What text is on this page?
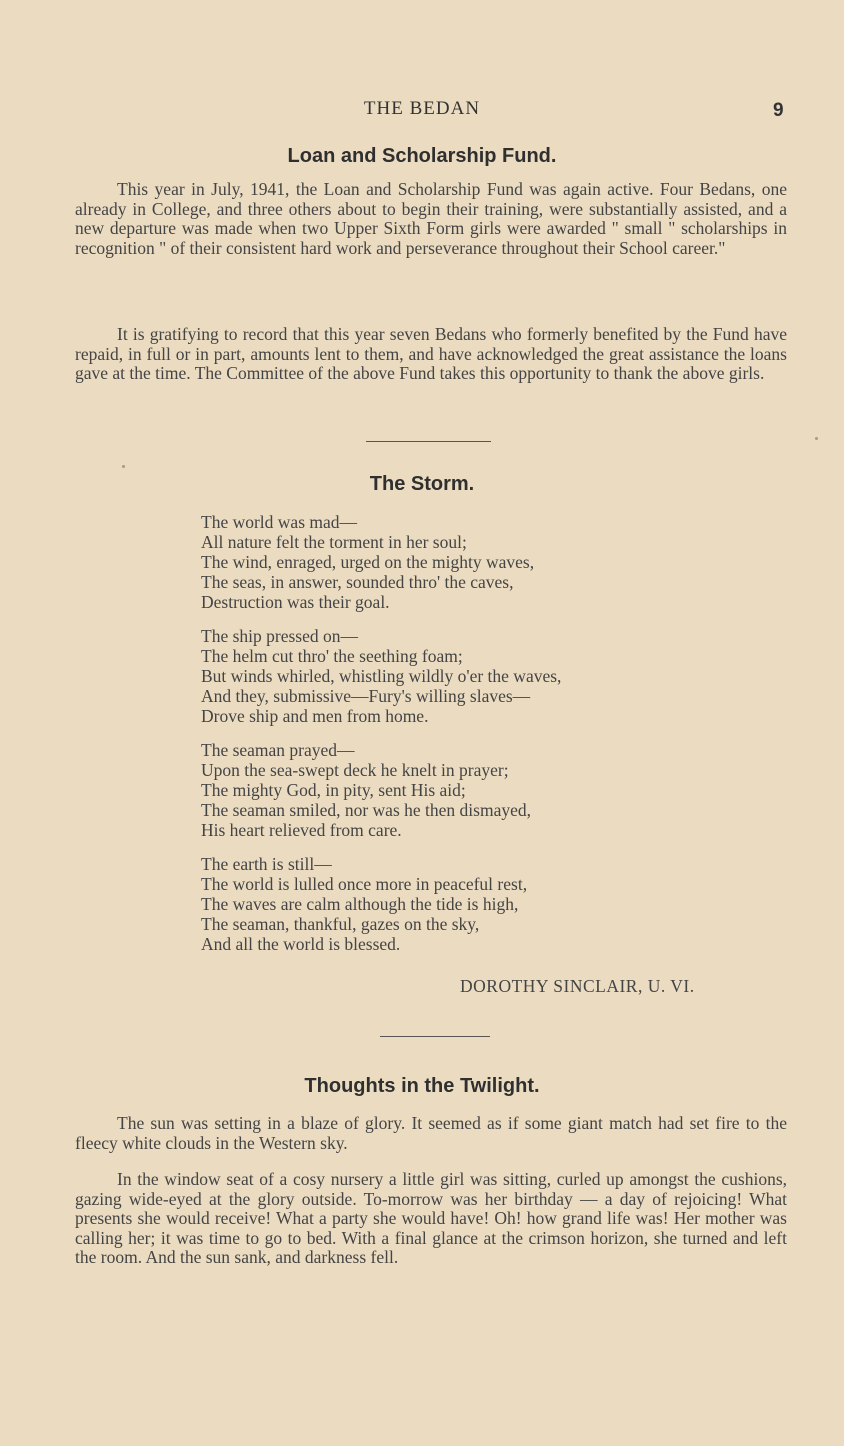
THE BEDAN	9
Loan and Scholarship Fund.
This year in July, 1941, the Loan and Scholarship Fund was again active. Four Bedans, one already in College, and three others about to begin their training, were substantially assisted, and a new departure was made when two Upper Sixth Form girls were awarded " small " scholarships in recognition " of their consistent hard work and perseverance throughout their School career."
It is gratifying to record that this year seven Bedans who formerly benefited by the Fund have repaid, in full or in part, amounts lent to them, and have acknowledged the great assistance the loans gave at the time. The Committee of the above Fund takes this opportunity to thank the above girls.
The Storm.
The world was mad—
All nature felt the torment in her soul;
The wind, enraged, urged on the mighty waves,
The seas, in answer, sounded thro' the caves,
Destruction was their goal.
The ship pressed on—
The helm cut thro' the seething foam;
But winds whirled, whistling wildly o'er the waves,
And they, submissive—Fury's willing slaves—
Drove ship and men from home.
The seaman prayed—
Upon the sea-swept deck he knelt in prayer;
The mighty God, in pity, sent His aid;
The seaman smiled, nor was he then dismayed,
His heart relieved from care.
The earth is still—
The world is lulled once more in peaceful rest,
The waves are calm although the tide is high,
The seaman, thankful, gazes on the sky,
And all the world is blessed.
DOROTHY SINCLAIR, U. VI.
Thoughts in the Twilight.
The sun was setting in a blaze of glory. It seemed as if some giant match had set fire to the fleecy white clouds in the Western sky.
In the window seat of a cosy nursery a little girl was sitting, curled up amongst the cushions, gazing wide-eyed at the glory outside. To-morrow was her birthday — a day of rejoicing! What presents she would receive! What a party she would have! Oh! how grand life was! Her mother was calling her; it was time to go to bed. With a final glance at the crimson horizon, she turned and left the room. And the sun sank, and darkness fell.
